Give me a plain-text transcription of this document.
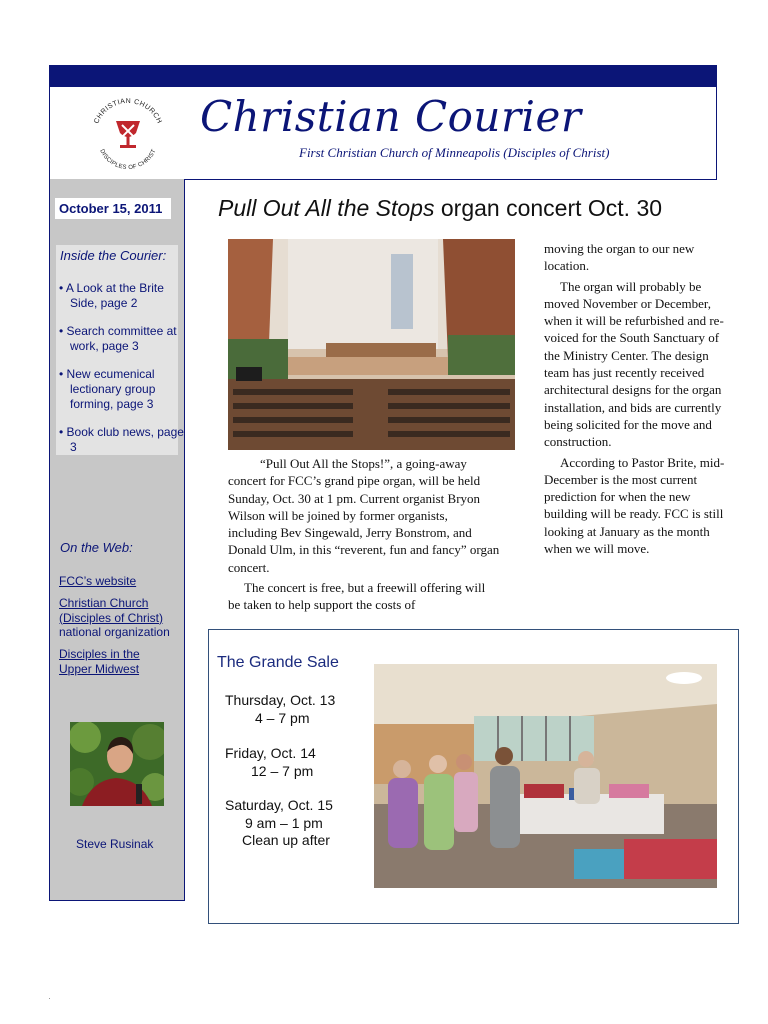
CHRISTIAN CHURCH
DISCIPLES OF CHRIST
Christian Courier
First Christian Church of Minneapolis (Disciples of Christ)
October 15, 2011
Inside the Courier:
• A Look at the Brite Side, page 2
• Search committee at work, page 3
• New ecumenical lectionary group forming, page 3
• Book club news, page 3
On the Web:
FCC’s website
Christian Church (Disciples of Christ)
national organization
Disciples in the Upper Midwest
Steve Rusinak
Pull Out All the Stops organ concert Oct. 30

“Pull Out All the Stops!”, a going-away concert for FCC’s grand pipe organ, will be held Sunday, Oct. 30 at 1 pm. Current organist Bryon Wilson will be joined by former organists, including Bev Singewald, Jerry Bonstrom, and Donald Ulm, in this “reverent, fun and fancy” organ concert.

The concert is free, but a freewill offering will be taken to help support the costs of

moving the organ to our new location.

The organ will probably be moved November or December, when it will be refurbished and re-voiced for the South Sanctuary of the Ministry Center. The design team has just recently received architectural designs for the organ installation, and bids are currently being solicited for the move and construction.

According to Pastor Brite, mid-December is the most current prediction for when the new building will be ready. FCC is still looking at January as the month when we will move.

The Grande Sale
Thursday, Oct. 13
4 – 7 pm
Friday, Oct. 14
12 – 7 pm
Saturday, Oct. 15
9 am – 1 pm
Clean up after
